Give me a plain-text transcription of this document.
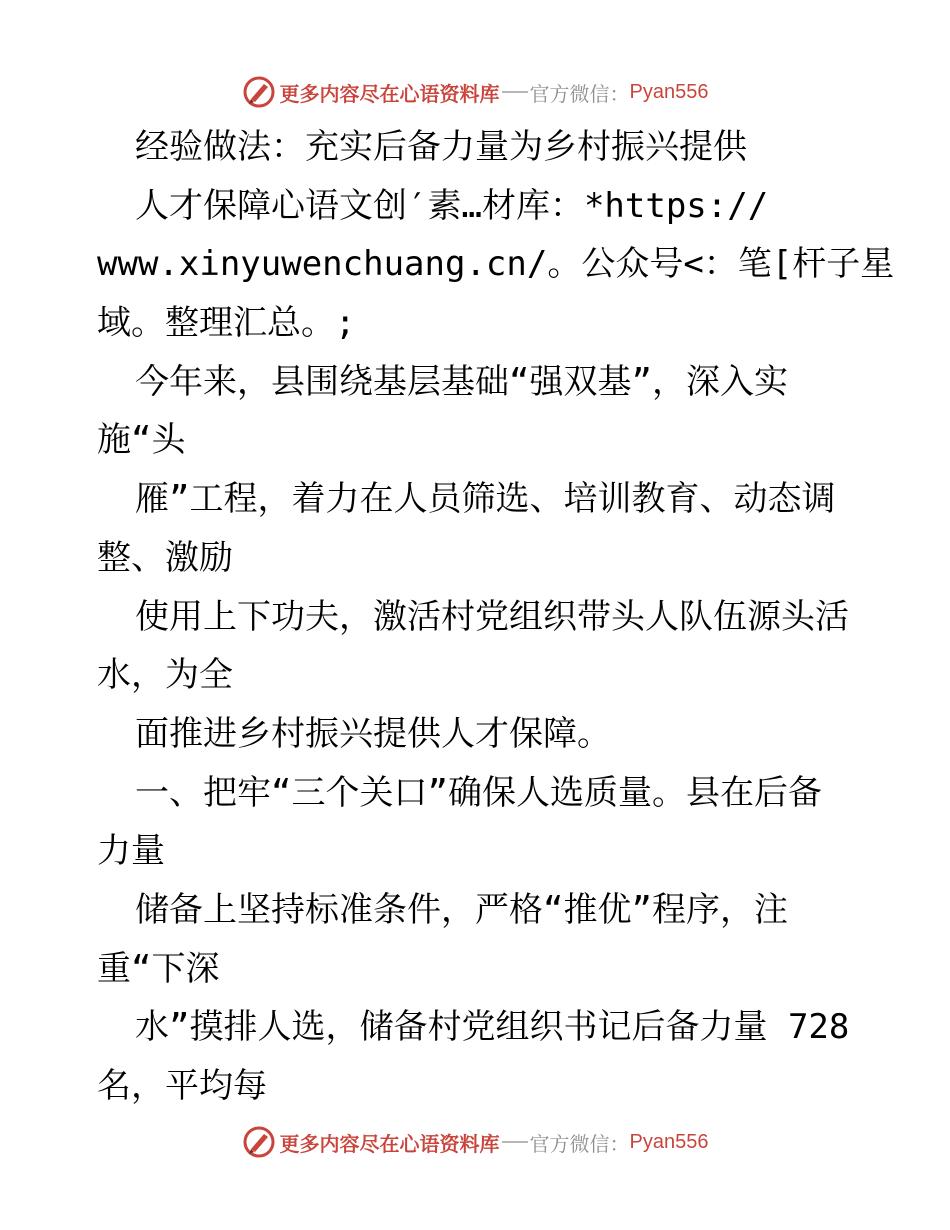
更多内容尽在心语资料库 官方微信： Pyan556
经验做法：充实后备力量为乡村振兴提供
人才保障心语文创′素…材库：*https://
www.xinyuwenchuang.cn/。公众号<：笔[杆子星
域。整理汇总。;
今年来，县围绕基层基础“强双基”，深入实
施“头
雁”工程，着力在人员筛选、培训教育、动态调
整、激励
使用上下功夫，激活村党组织带头人队伍源头活
水，为全
面推进乡村振兴提供人才保障。
一、把牢“三个关口”确保人选质量。县在后备
力量
储备上坚持标准条件，严格“推优”程序，注
重“下深
水”摸排人选，储备村党组织书记后备力量 728
名，平均每
更多内容尽在心语资料库 官方微信： Pyan556
